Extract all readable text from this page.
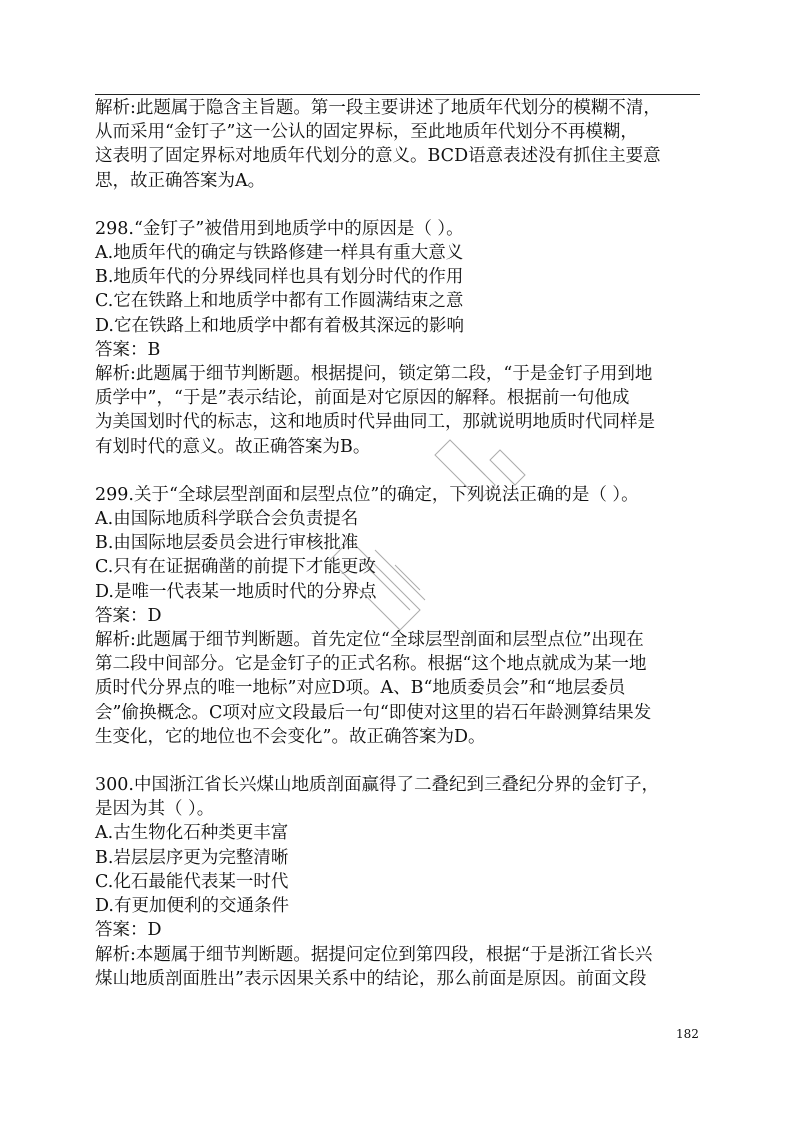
解析:此题属于隐含主旨题。第一段主要讲述了地质年代划分的模糊不清，

从而采用“金钉子”这一公认的固定界标，至此地质年代划分不再模糊，

这表明了固定界标对地质年代划分的意义。BCD语意表述没有抓住主要意

思，故正确答案为A。

298.“金钉子”被借用到地质学中的原因是（ ）。

A.地质年代的确定与铁路修建一样具有重大意义

B.地质年代的分界线同样也具有划分时代的作用

C.它在铁路上和地质学中都有工作圆满结束之意

D.它在铁路上和地质学中都有着极其深远的影响

答案：B

解析:此题属于细节判断题。根据提问，锁定第二段，“于是金钉子用到地

质学中”，“于是”表示结论，前面是对它原因的解释。根据前一句他成

为美国划时代的标志，这和地质时代异曲同工，那就说明地质时代同样是

有划时代的意义。故正确答案为B。

299.关于“全球层型剖面和层型点位”的确定，下列说法正确的是（ ）。

A.由国际地质科学联合会负责提名

B.由国际地层委员会进行审核批准

C.只有在证据确凿的前提下才能更改

D.是唯一代表某一地质时代的分界点

答案：D

解析:此题属于细节判断题。首先定位“全球层型剖面和层型点位”出现在

第二段中间部分。它是金钉子的正式名称。根据“这个地点就成为某一地

质时代分界点的唯一地标”对应D项。A、B“地质委员会”和“地层委员

会”偷换概念。C项对应文段最后一句“即使对这里的岩石年龄测算结果发

生变化，它的地位也不会变化”。故正确答案为D。

300.中国浙江省长兴煤山地质剖面赢得了二叠纪到三叠纪分界的金钉子，

是因为其（ ）。

A.古生物化石种类更丰富

B.岩层层序更为完整清晰

C.化石最能代表某一时代

D.有更加便利的交通条件

答案：D

解析:本题属于细节判断题。据提问定位到第四段，根据“于是浙江省长兴

煤山地质剖面胜出”表示因果关系中的结论，那么前面是原因。前面文段

182
